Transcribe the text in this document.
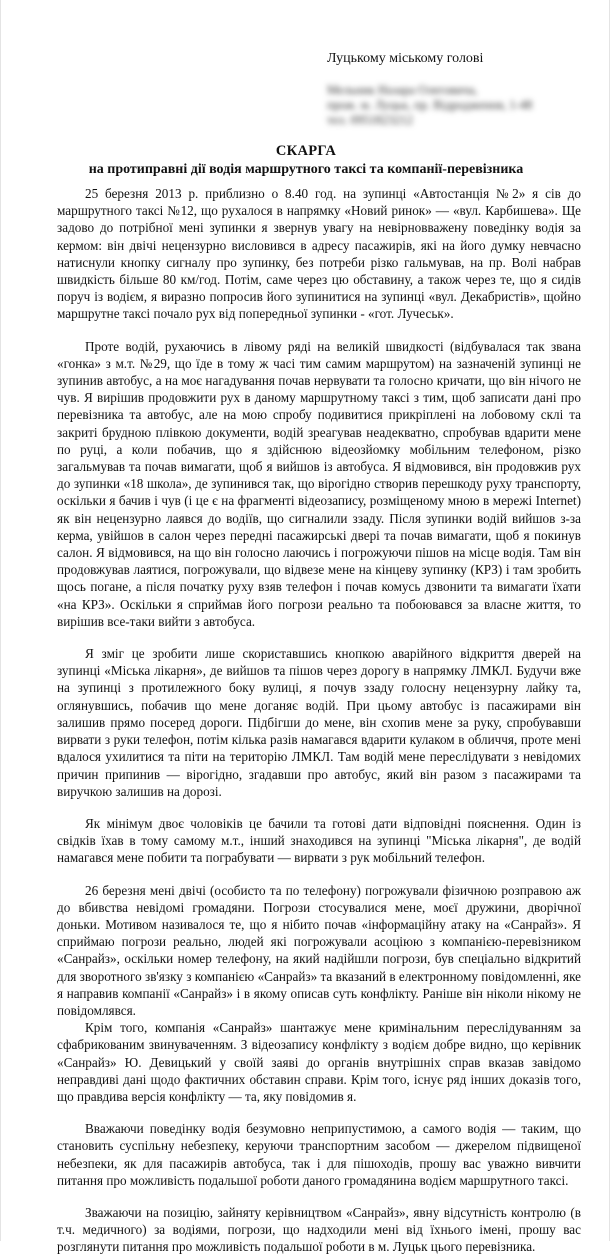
Луцькому міському голові
Мельник Назара Олеговича,
прож. м. Луцьк, пр. Відродження, 1-48
тел. 0951823212
СКАРГА
на протиправні дії водія маршрутного таксі та компанії-перевізника

25 березня 2013 р. приблизно о 8.40 год. на зупинці «Автостанція №2» я сів до маршрутного таксі №12, що рухалося в напрямку «Новий ринок» — «вул. Карбишева». Ще задово до потрібної мені зупинки я звернув увагу на невірновважену поведінку водія за кермом: він двічі нецензурно висловився в адресу пасажирів, які на його думку невчасно натиснули кнопку сигналу про зупинку, без потреби різко гальмував, на пр. Волі набрав швидкість більше 80 км/год. Потім, саме через цю обставину, а також через те, що я сидів поруч із водієм, я виразно попросив його зупинитися на зупинці «вул. Декабристів», щойно маршрутне таксі почало рух від попередньої зупинки - «гот. Лучеськ».

Проте водій, рухаючись в лівому ряді на великій швидкості (відбувалася так звана «гонка» з м.т. №29, що їде в тому ж часі тим самим маршрутом) на зазначеній зупинці не зупинив автобус, а на моє нагадування почав нервувати та голосно кричати, що він нічого не чув. Я вирішив продовжити рух в даному маршрутному таксі з тим, щоб записати дані про перевізника та автобус, але на мою спробу подивитися прикріплені на лобовому склі та закриті брудною плівкою документи, водій зреагував неадекватно, спробував вдарити мене по руці, а коли побачив, що я здійснюю відеозйомку мобільним телефоном, різко загальмував та почав вимагати, щоб я вийшов із автобуса. Я відмовився, він продовжив рух до зупинки «18 школа», де зупинився так, що вірогідно створив перешкоду руху транспорту, оскільки я бачив і чув (і це є на фрагменті відеозапису, розміщеному мною в мережі Internet) як він нецензурно лаявся до водіїв, що сигналили ззаду. Після зупинки водій вийшов з-за керма, увійшов в салон через передні пасажирські двері та почав вимагати, щоб я покинув салон. Я відмовився, на що він голосно лаючись і погрожуючи пішов на місце водія. Там він продовжував лаятися, погрожували, що відвезе мене на кінцеву зупинку (КРЗ) і там зробить щось погане, а після початку руху взяв телефон і почав комусь дзвонити та вимагати їхати «на КРЗ». Оскільки я сприймав його погрози реально та побоювався за власне життя, то вирішив все-таки вийти з автобуса.

Я зміг це зробити лише скориставшись кнопкою аварійного відкриття дверей на зупинці «Міська лікарня», де вийшов та пішов через дорогу в напрямку ЛМКЛ. Будучи вже на зупинці з протилежного боку вулиці, я почув ззаду голосну нецензурну лайку та, оглянувшись, побачив що мене доганяє водій. При цьому автобус із пасажирами він залишив прямо посеред дороги. Підбігши до мене, він схопив мене за руку, спробувавши вирвати з руки телефон, потім кілька разів намагався вдарити кулаком в обличчя, проте мені вдалося ухилитися та піти на територію ЛМКЛ. Там водій мене переслідувати з невідомих причин припинив — вірогідно, згадавши про автобус, який він разом з пасажирами та виручкою залишив на дорозі.

Як мінімум двоє чоловіків це бачили та готові дати відповідні пояснення. Один із свідків їхав в тому самому м.т., інший знаходився на зупинці "Міська лікарня", де водій намагався мене побити та пограбувати — вирвати з рук мобільний телефон.

26 березня мені двічі (особисто та по телефону) погрожували фізичною розправою аж до вбивства невідомі громадяни. Погрози стосувалися мене, моєї дружини, дворічної доньки. Мотивом називалося те, що я нібито почав «інформаційну атаку на «Санрайз». Я сприймаю погрози реально, людей які погрожували асоціюю з компанією-перевізником «Санрайз», оскільки номер телефону, на який надійшли погрози, був спеціально відкритий для зворотного зв'язку з компанією «Санрайз» та вказаний в електронному повідомленні, яке я направив компанії «Санрайз» і в якому описав суть конфлікту. Раніше він ніколи нікому не повідомлявся.

Крім того, компанія «Санрайз» шантажує мене кримінальним переслідуванням за сфабрикованим звинуваченням. З відеозапису конфлікту з водієм добре видно, що керівник «Санрайз» Ю. Девицький у своїй заяві до органів внутрішніх справ вказав завідомо неправдиві дані щодо фактичних обставин справи. Крім того, існує ряд інших доказів того, що правдива версія конфлікту — та, яку повідомив я.

Вважаючи поведінку водія безумовно неприпустимою, а самого водія — таким, що становить суспільну небезпеку, керуючи транспортним засобом — джерелом підвищеної небезпеки, як для пасажирів автобуса, так і для пішоходів, прошу вас уважно вивчити питання про можливість подальшої роботи даного громадянина водієм маршрутного таксі.

Зважаючи на позицію, зайняту керівництвом «Санрайз», явну відсутність контролю (в т.ч. медичного) за водіями, погрози, що надходили мені від їхнього імені, прошу вас розглянути питання про можливість подальшої роботи в м. Луцьк цього перевізника.
